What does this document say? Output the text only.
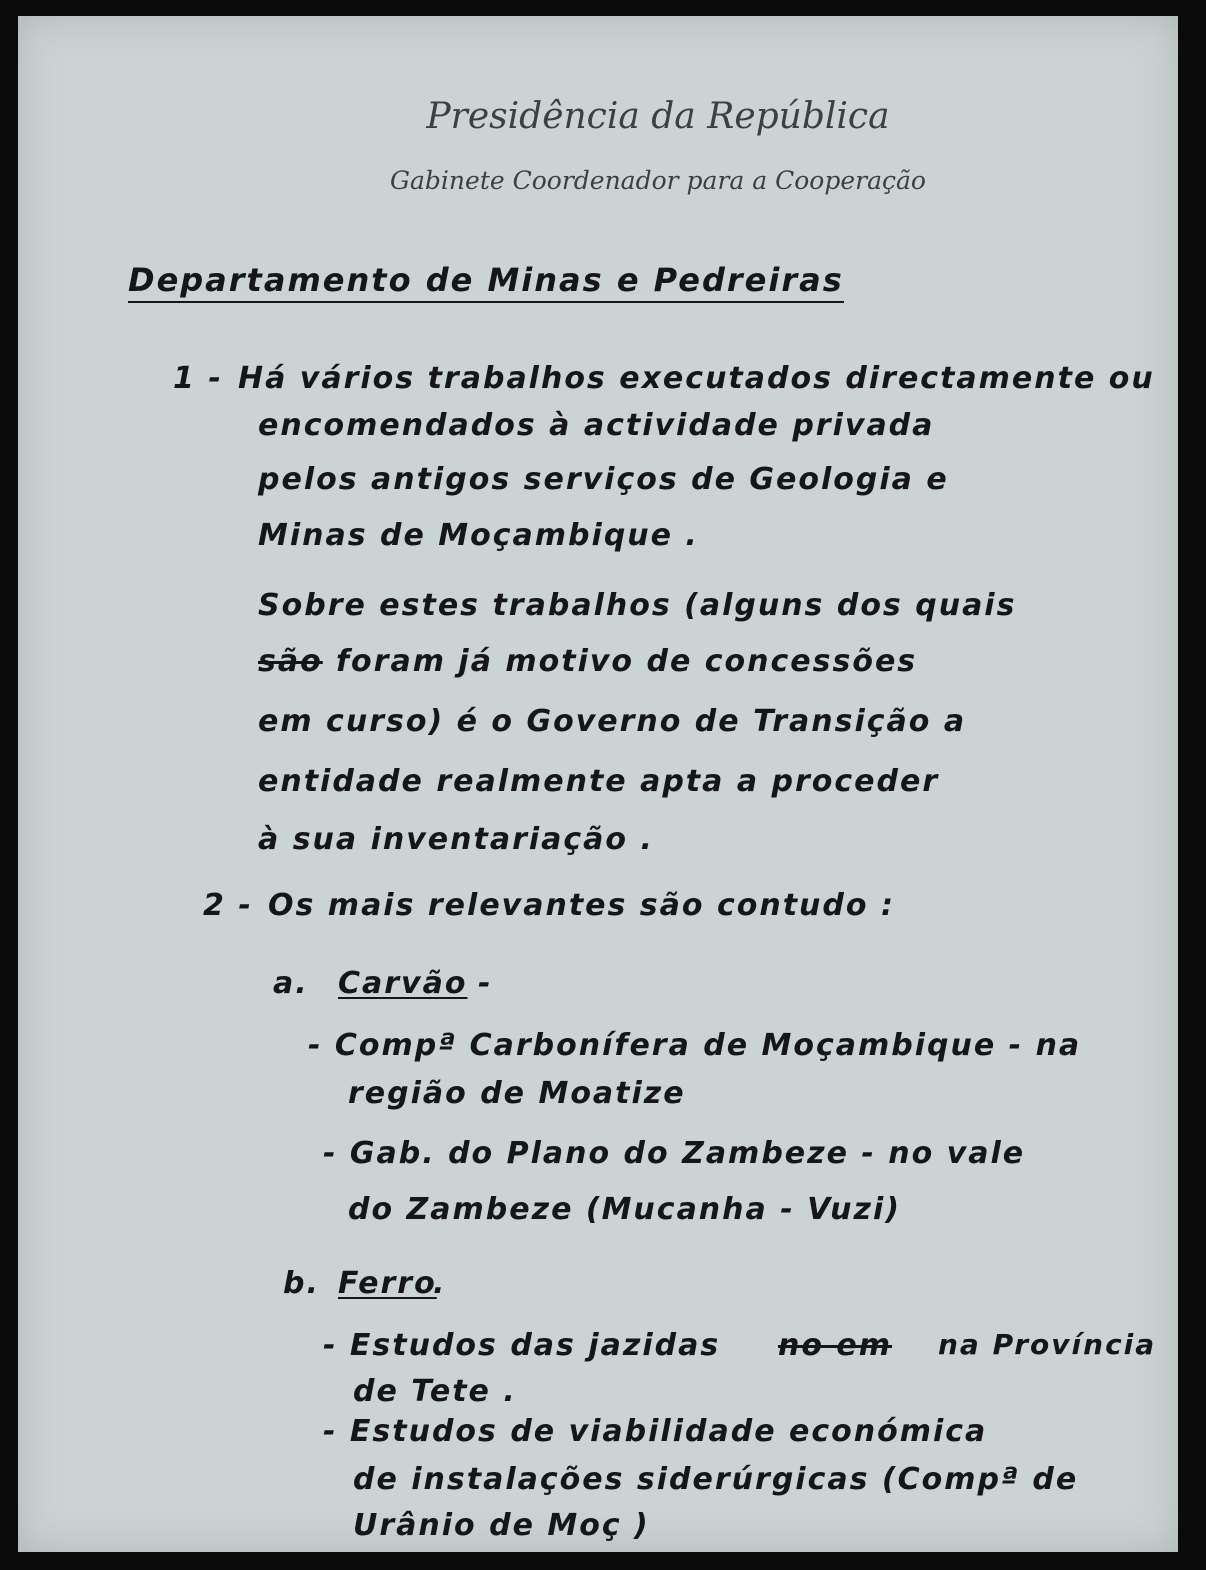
Presidência da República
Gabinete Coordenador para a Cooperação
Departamento de Minas e Pedreiras
1 - Há vários trabalhos executados directamente ou
encomendados à actividade privada
pelos antigos serviços de Geologia e
Minas de Moçambique .
Sobre estes trabalhos (alguns dos quais
são foram já motivo de concessões
em curso) é o Governo de Transição a
entidade realmente apta a proceder
à sua inventariação .
2 - Os mais relevantes são contudo :
a. Carvão -
- Compª Carbonífera de Moçambique - na
região de Moatize
- Gab. do Plano do Zambeze - no vale
do Zambeze (Mucanha - Vuzi)
b. Ferro
.
- Estudos das jazidas no em na Província
de Tete .
- Estudos de viabilidade económica
de instalações siderúrgicas (Compª de
Urânio de Moç )
